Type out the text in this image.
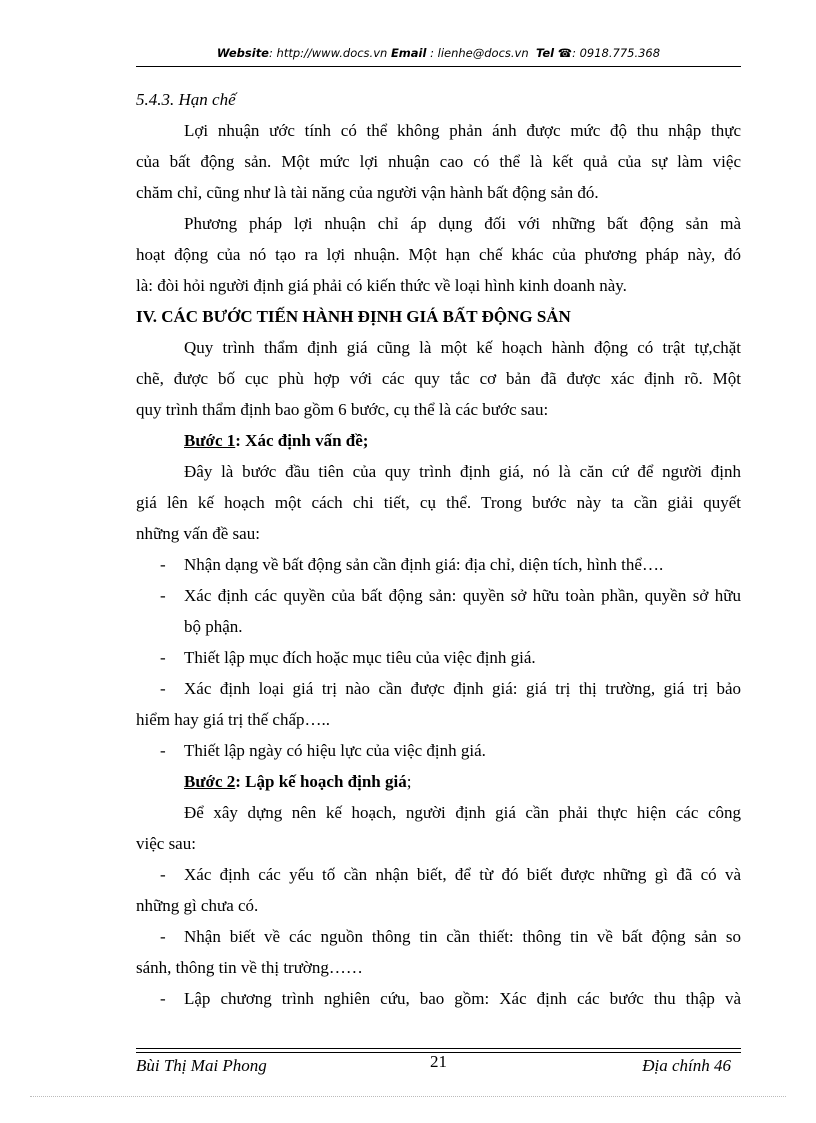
Website: http://www.docs.vn Email : lienhe@docs.vn Tel ☎: 0918.775.368
5.4.3. Hạn chế
Lợi nhuận ước tính có thể không phản ánh được mức độ thu nhập thực
của bất động sản. Một mức lợi nhuận cao có thể là kết quả của sự làm việc
chăm chỉ, cũng như là tài năng của người vận hành bất động sản đó.
Phương pháp lợi nhuận chỉ áp dụng đối với những bất động sản mà
hoạt động của nó tạo ra lợi nhuận. Một hạn chế khác của phương pháp này, đó
là: đòi hỏi người định giá phải có kiến thức về loại hình kinh doanh này.
IV. CÁC BƯỚC TIẾN HÀNH ĐỊNH GIÁ BẤT ĐỘNG SẢN
Quy trình thẩm định giá cũng là một kế hoạch hành động có trật tự,chặt
chẽ, được bố cục phù hợp với các quy tắc cơ bản đã được xác định rõ. Một
quy trình thẩm định bao gồm 6 bước, cụ thể là các bước sau:
Bước 1: Xác định vấn đề;
Đây là bước đầu tiên của quy trình định giá, nó là căn cứ để người định
giá lên kế hoạch một cách chi tiết, cụ thể. Trong bước này ta cần giải quyết
những vấn đề sau:
- Nhận dạng về bất động sản cần định giá: địa chỉ, diện tích, hình thể….
- Xác định các quyền của bất động sản: quyền sở hữu toàn phần, quyền sở hữu
bộ phận.
- Thiết lập mục đích hoặc mục tiêu của việc định giá.
- Xác định loại giá trị nào cần được định giá: giá trị thị trường, giá trị bảo
hiểm hay giá trị thế chấp…..
- Thiết lập ngày có hiệu lực của việc định giá.
Bước 2: Lập kế hoạch định giá;
Để xây dựng nên kế hoạch, người định giá cần phải thực hiện các công
việc sau:
- Xác định các yếu tố cần nhận biết, để từ đó biết được những gì đã có và
những gì chưa có.
- Nhận biết về các nguồn thông tin cần thiết: thông tin về bất động sản so
sánh, thông tin về thị trường……
- Lập chương trình nghiên cứu, bao gồm: Xác định các bước thu thập và
Bùi Thị Mai Phong	21	Địa chính 46
